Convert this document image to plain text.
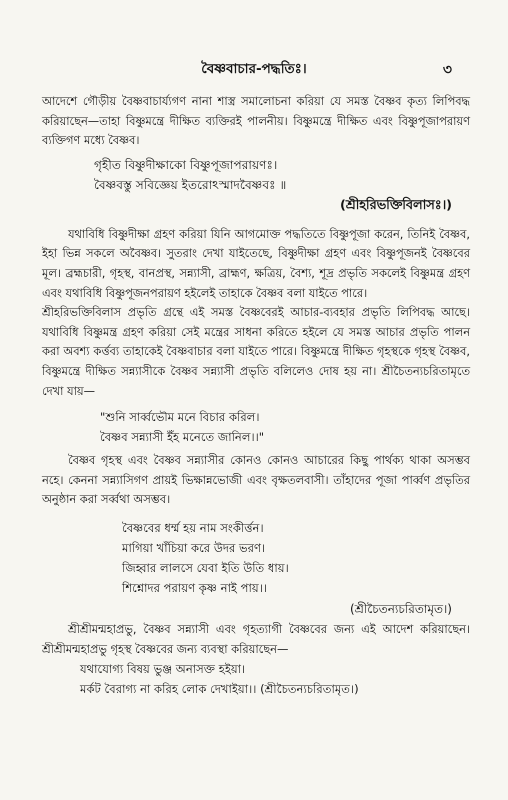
বৈষ্ণবাচার-পদ্ধতিঃ।	৩

আদেশে গৌড়ীয় বৈষ্ণবাচার্য্যগণ নানা শাস্ত্র সমালোচনা করিয়া যে সমস্ত বৈষ্ণব কৃত্য লিপিবদ্ধ করিয়াছেন—তাহা বিষ্ণুমন্ত্রে দীক্ষিত ব্যক্তিরই পালনীয়। বিষ্ণুমন্ত্রে দীক্ষিত এবং বিষ্ণুপূজাপরায়ণ ব্যক্তিগণ মধ্যে বৈষ্ণব।

গৃহীত বিষ্ণুদীক্ষাকো বিষ্ণুপূজাপরায়ণঃ।
বৈষ্ণবস্তু সবিজ্ঞেয় ইতরোঽস্মাদবৈষ্ণবঃ ॥
(শ্রীহরিভক্তিবিলাসঃ।)

যথাবিধি বিষ্ণুদীক্ষা গ্রহণ করিয়া যিনি আগমোক্ত পদ্ধতিতে বিষ্ণুপূজা করেন, তিনিই বৈষ্ণব, ইহা ভিন্ন সকলে অবৈষ্ণব। সুতরাং দেখা যাইতেছে, বিষ্ণুদীক্ষা গ্রহণ এবং বিষ্ণুপূজনই বৈষ্ণবের মূল। ব্রহ্মচারী, গৃহস্থ, বানপ্রস্থ, সন্ন্যাসী, ব্রাহ্মণ, ক্ষত্রিয়, বৈশ্য, শূদ্র প্রভৃতি সকলেই বিষ্ণুমন্ত্র গ্রহণ এবং যথাবিধি বিষ্ণুপূজনপরায়ণ হইলেই তাহাকে বৈষ্ণব বলা যাইতে পারে।

শ্রীহরিভক্তিবিলাস প্রভৃতি গ্রন্থে এই সমস্ত বৈষ্ণবেরই আচার-ব্যবহার প্রভৃতি লিপিবদ্ধ আছে। যথাবিধি বিষ্ণুমন্ত্র গ্রহণ করিয়া সেই মন্ত্রের সাধনা করিতে হইলে যে সমস্ত আচার প্রভৃতি পালন করা অবশ্য কর্ত্তব্য তাহাকেই বৈষ্ণবাচার বলা যাইতে পারে। বিষ্ণুমন্ত্রে দীক্ষিত গৃহস্থকে গৃহস্থ বৈষ্ণব, বিষ্ণুমন্ত্রে দীক্ষিত সন্ন্যাসীকে বৈষ্ণব সন্ন্যাসী প্রভৃতি বলিলেও দোষ হয় না। শ্রীচৈতন্যচরিতামৃতে দেখা যায়—

"শুনি সার্ব্বভৌম মনে বিচার করিল।
বৈষ্ণব সন্ন্যাসী ইঁহ মনেতে জানিল।।"

বৈষ্ণব গৃহস্থ এবং বৈষ্ণব সন্ন্যাসীর কোনও কোনও আচারের কিছু পার্থক্য থাকা অসম্ভব নহে। কেননা সন্ন্যাসিগণ প্রায়ই ভিক্ষান্নভোজী এবং বৃক্ষতলবাসী। তাঁহাদের পূজা পার্ব্বণ প্রভৃতির অনুষ্ঠান করা সর্ব্বথা অসম্ভব।

বৈষ্ণবের ধর্ম্ম হয় নাম সংকীর্ত্তন।
মাগিয়া খাঁচিয়া করে উদর ভরণ।
জিহ্বার লালসে যেবা ইতি উতি ধায়।
শিশ্নোদর পরায়ণ কৃষ্ণ নাই পায়।।
(শ্রীচৈতন্যচরিতামৃত।)

শ্রীশ্রীমন্মহাপ্রভু, বৈষ্ণব সন্ন্যাসী এবং গৃহত্যাগী বৈষ্ণবের জন্য এই আদেশ করিয়াছেন। শ্রীশ্রীমন্মহাপ্রভু গৃহস্থ বৈষ্ণবের জন্য ব্যবস্থা করিয়াছেন—

যথাযোগ্য বিষয় ভুঞ্জ অনাসক্ত হইয়া।
মর্কট বৈরাগ্য না করিহ লোক দেখাইয়া।। (শ্রীচৈতন্যচরিতামৃত।)
